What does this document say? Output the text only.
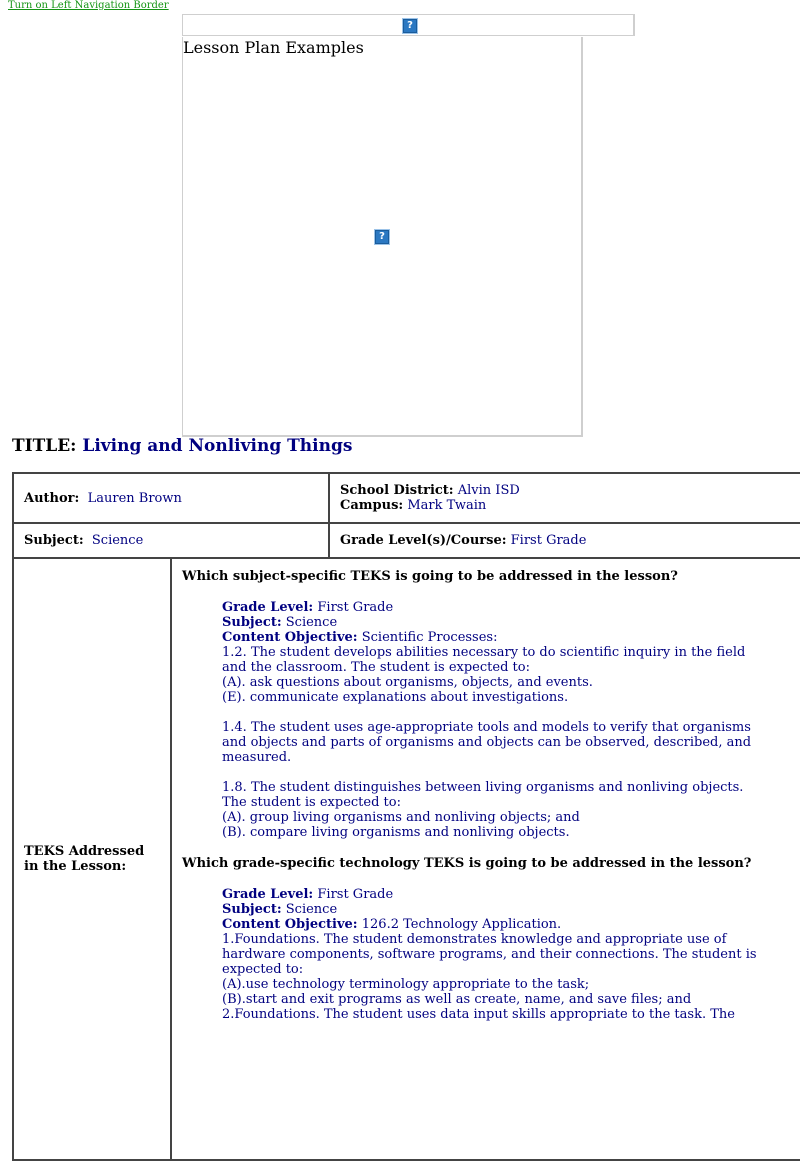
Turn on Left Navigation Border
?
Lesson Plan Examples
?
TITLE: Living and Nonliving Things
Author: Lauren Brown	School District: Alvin ISD
Campus: Mark Twain
Subject: Science	Grade Level(s)/Course: First Grade

TEKS Addressed in the Lesson:	
Which subject-specific TEKS is going to be addressed in the lesson?
Grade Level: First Grade
Subject: Science
Content Objective: Scientific Processes:

1.2. The student develops abilities necessary to do scientific inquiry in the field and the classroom. The student is expected to:
(A). ask questions about organisms, objects, and events.
(E). communicate explanations about investigations.
1.4. The student uses age-appropriate tools and models to verify that organisms and objects and parts of organisms and objects can be observed, described, and measured.
1.8. The student distinguishes between living organisms and nonliving objects. The student is expected to:
(A). group living organisms and nonliving objects; and
(B). compare living organisms and nonliving objects.
Which grade-specific technology TEKS is going to be addressed in the lesson?
Grade Level: First Grade
Subject: Science
Content Objective: 126.2 Technology Application.

1.Foundations. The student demonstrates knowledge and appropriate use of hardware components, software programs, and their connections. The student is expected to:
(A).use technology terminology appropriate to the task;
(B).start and exit programs as well as create, name, and save files; and
2.Foundations. The student uses data input skills appropriate to the task. The
